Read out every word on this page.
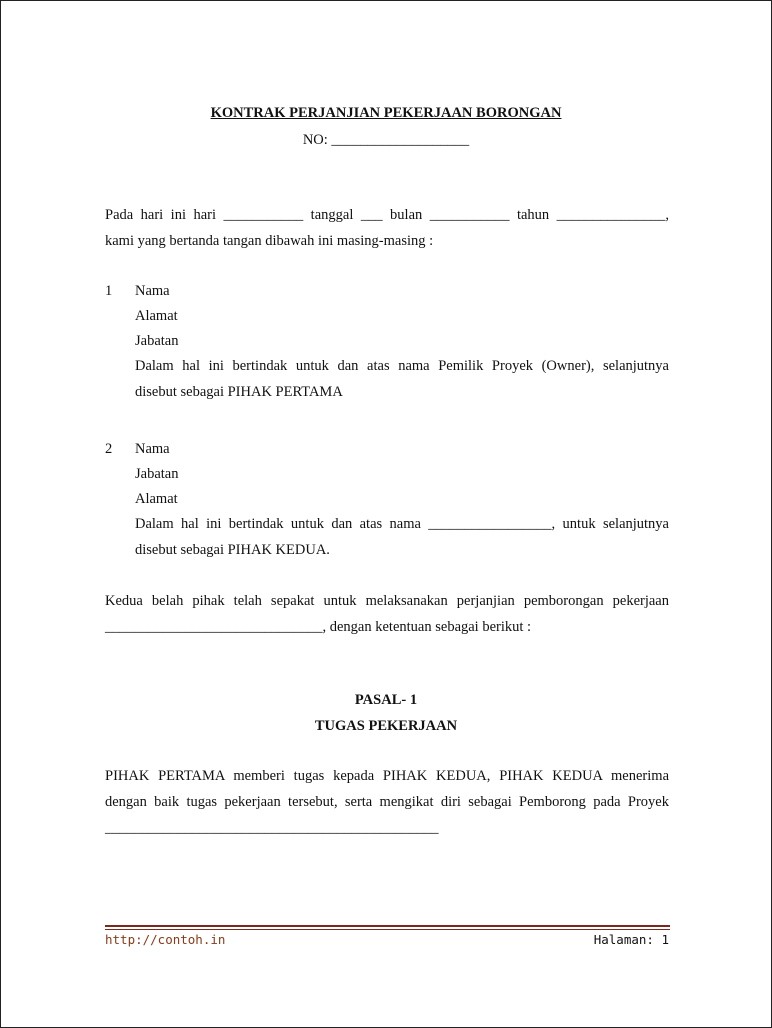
KONTRAK PERJANJIAN PEKERJAAN BORONGAN
NO: ___________________
Pada hari ini hari ___________ tanggal ___ bulan ___________ tahun _______________,
kami yang bertanda tangan dibawah ini masing-masing :
1 Nama
Alamat
Jabatan
Dalam hal ini bertindak untuk dan atas nama Pemilik Proyek (Owner), selanjutnya
disebut sebagai PIHAK PERTAMA
2 Nama
Jabatan
Alamat
Dalam hal ini bertindak untuk dan atas nama _________________, untuk selanjutnya
disebut sebagai PIHAK KEDUA.
Kedua belah pihak telah sepakat untuk melaksanakan perjanjian pemborongan pekerjaan
______________________________, dengan ketentuan sebagai berikut :
PASAL- 1
TUGAS PEKERJAAN
PIHAK PERTAMA memberi tugas kepada PIHAK KEDUA, PIHAK KEDUA menerima
dengan baik tugas pekerjaan tersebut, serta mengikat diri sebagai Pemborong pada Proyek
______________________________________________
http://contoh.in	Halaman: 1
